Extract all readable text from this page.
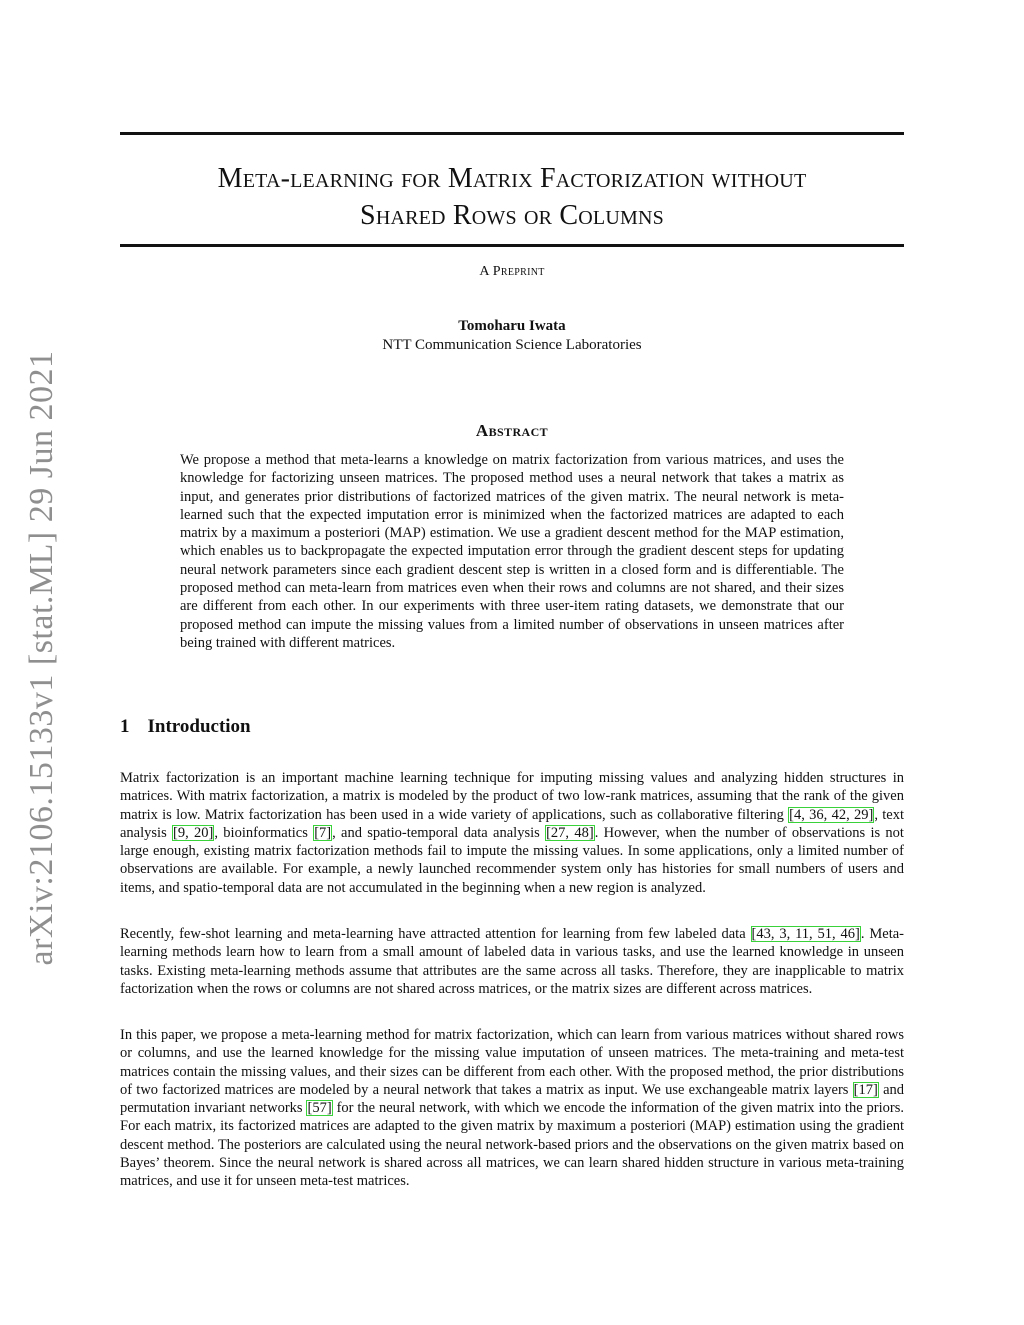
arXiv:2106.15133v1 [stat.ML] 29 Jun 2021
Meta-learning for Matrix Factorization without
Shared Rows or Columns
A Preprint
Tomoharu Iwata
NTT Communication Science Laboratories
Abstract
We propose a method that meta-learns a knowledge on matrix factorization from various matrices, and uses the knowledge for factorizing unseen matrices. The proposed method uses a neural network that takes a matrix as input, and generates prior distributions of factorized matrices of the given matrix. The neural network is meta-learned such that the expected imputation error is minimized when the factorized matrices are adapted to each matrix by a maximum a posteriori (MAP) estimation. We use a gradient descent method for the MAP estimation, which enables us to backpropagate the expected imputation error through the gradient descent steps for updating neural network parameters since each gradient descent step is written in a closed form and is differentiable. The proposed method can meta-learn from matrices even when their rows and columns are not shared, and their sizes are different from each other. In our experiments with three user-item rating datasets, we demonstrate that our proposed method can impute the missing values from a limited number of observations in unseen matrices after being trained with different matrices.
1 Introduction
Matrix factorization is an important machine learning technique for imputing missing values and analyzing hidden structures in matrices. With matrix factorization, a matrix is modeled by the product of two low-rank matrices, assuming that the rank of the given matrix is low. Matrix factorization has been used in a wide variety of applications, such as collaborative filtering [4, 36, 42, 29], text analysis [9, 20], bioinformatics [7], and spatio-temporal data analysis [27, 48]. However, when the number of observations is not large enough, existing matrix factorization methods fail to impute the missing values. In some applications, only a limited number of observations are available. For example, a newly launched recommender system only has histories for small numbers of users and items, and spatio-temporal data are not accumulated in the beginning when a new region is analyzed.
Recently, few-shot learning and meta-learning have attracted attention for learning from few labeled data [43, 3, 11, 51, 46]. Meta-learning methods learn how to learn from a small amount of labeled data in various tasks, and use the learned knowledge in unseen tasks. Existing meta-learning methods assume that attributes are the same across all tasks. Therefore, they are inapplicable to matrix factorization when the rows or columns are not shared across matrices, or the matrix sizes are different across matrices.
In this paper, we propose a meta-learning method for matrix factorization, which can learn from various matrices without shared rows or columns, and use the learned knowledge for the missing value imputation of unseen matrices. The meta-training and meta-test matrices contain the missing values, and their sizes can be different from each other. With the proposed method, the prior distributions of two factorized matrices are modeled by a neural network that takes a matrix as input. We use exchangeable matrix layers [17] and permutation invariant networks [57] for the neural network, with which we encode the information of the given matrix into the priors. For each matrix, its factorized matrices are adapted to the given matrix by maximum a posteriori (MAP) estimation using the gradient descent method. The posteriors are calculated using the neural network-based priors and the observations on the given matrix based on Bayes’ theorem. Since the neural network is shared across all matrices, we can learn shared hidden structure in various meta-training matrices, and use it for unseen meta-test matrices.
